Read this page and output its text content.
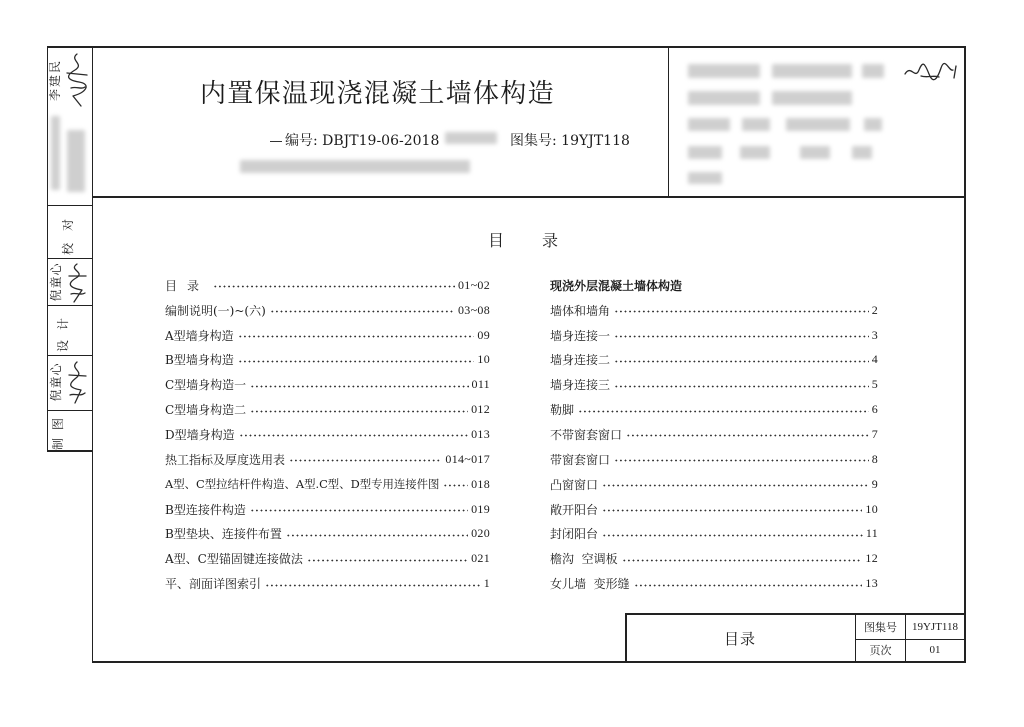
李建民
校对
倪童心
设计
倪童心
制图
内置保温现浇混凝土墙体构造
编号: DBJT19-06-2018	图集号: 19YJT118
目录
目录	01~02
编制说明(一)~(六)	03~08
A型墙身构造	09
B型墙身构造	10
C型墙身构造一	011
C型墙身构造二	012
D型墙身构造	013
热工指标及厚度选用表	014~017
A型、C型拉结杆件构造、A型.C型、D型专用连接件图	018
B型连接件构造	019
B型垫块、连接件布置	020
A型、C型锚固键连接做法	021
平、剖面详图索引	1
现浇外层混凝土墙体构造
墙体和墙角	2
墙身连接一	3
墙身连接二	4
墙身连接三	5
勒脚	6
不带窗套窗口	7
带窗套窗口	8
凸窗窗口	9
敞开阳台	10
封闭阳台	11
檐沟  空调板	12
女儿墙  变形缝	13
目录
图集号	19YJT118
页次	01
